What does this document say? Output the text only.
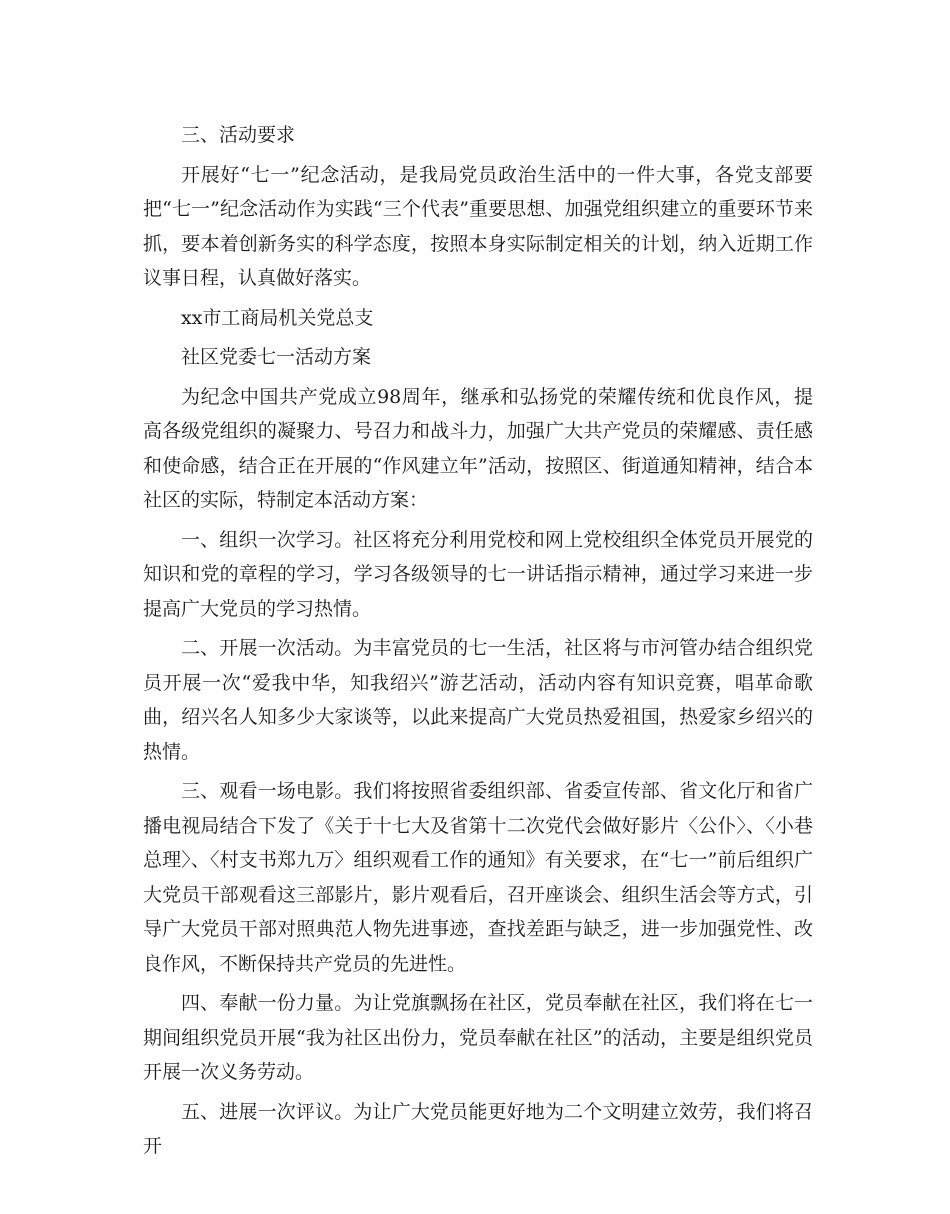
三、活动要求

开展好“七一”纪念活动，是我局党员政治生活中的一件大事，各党支部要把“七一”纪念活动作为实践“三个代表”重要思想、加强党组织建立的重要环节来抓，要本着创新务实的科学态度，按照本身实际制定相关的计划，纳入近期工作议事日程，认真做好落实。

xx市工商局机关党总支

社区党委七一活动方案

为纪念中国共产党成立98周年，继承和弘扬党的荣耀传统和优良作风，提高各级党组织的凝聚力、号召力和战斗力，加强广大共产党员的荣耀感、责任感和使命感，结合正在开展的“作风建立年”活动，按照区、街道通知精神，结合本社区的实际，特制定本活动方案：

一、组织一次学习。社区将充分利用党校和网上党校组织全体党员开展党的知识和党的章程的学习，学习各级领导的七一讲话指示精神，通过学习来进一步提高广大党员的学习热情。

二、开展一次活动。为丰富党员的七一生活，社区将与市河管办结合组织党员开展一次“爱我中华，知我绍兴”游艺活动，活动内容有知识竞赛，唱革命歌曲，绍兴名人知多少大家谈等，以此来提高广大党员热爱祖国，热爱家乡绍兴的热情。

三、观看一场电影。我们将按照省委组织部、省委宣传部、省文化厅和省广播电视局结合下发了《关于十七大及省第十二次党代会做好影片〈公仆〉、〈小巷总理〉、〈村支书郑九万〉组织观看工作的通知》有关要求，在“七一”前后组织广大党员干部观看这三部影片，影片观看后，召开座谈会、组织生活会等方式，引导广大党员干部对照典范人物先进事迹，查找差距与缺乏，进一步加强党性、改良作风，不断保持共产党员的先进性。

四、奉献一份力量。为让党旗飘扬在社区，党员奉献在社区，我们将在七一期间组织党员开展“我为社区出份力，党员奉献在社区”的活动，主要是组织党员开展一次义务劳动。

五、进展一次评议。为让广大党员能更好地为二个文明建立效劳，我们将召开
